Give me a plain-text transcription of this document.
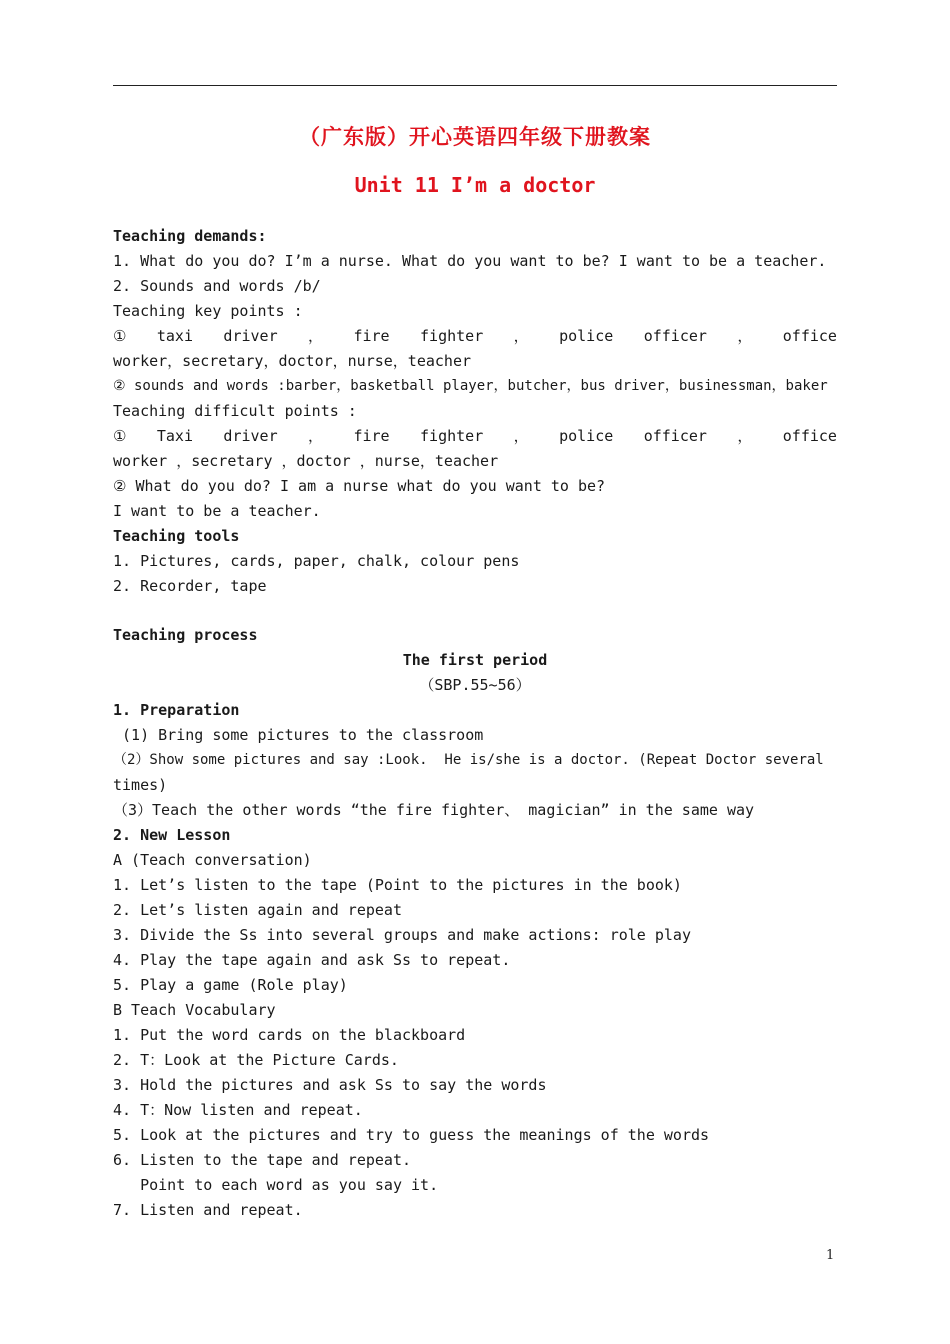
（广东版）开心英语四年级下册教案
Unit 11 I’m a doctor
Teaching demands:
1. What do you do? I’m a nurse. What do you want to be? I want to be a teacher.
2. Sounds and words /b/
Teaching key points :
① taxi driver ， fire fighter ， police officer ， office
worker，secretary，doctor，nurse，teacher
② sounds and words :barber，basketball player，butcher，bus driver，businessman，baker
Teaching difficult points :
① Taxi driver ， fire fighter ， police officer ， office
worker ，secretary ，doctor ，nurse，teacher
② What do you do? I am a nurse what do you want to be?
I want to be a teacher.
Teaching tools
1. Pictures, cards, paper, chalk, colour pens
2. Recorder, tape
Teaching process
The first period
（SBP.55~56）
1. Preparation
(1) Bring some pictures to the classroom
（2）Show some pictures and say :Look.  He is/she is a doctor. (Repeat Doctor several
times)
（3）Teach the other words “the fire fighter、 magician” in the same way
2. New Lesson
A (Teach conversation)
1. Let’s listen to the tape (Point to the pictures in the book)
2. Let’s listen again and repeat
3. Divide the Ss into several groups and make actions: role play
4. Play the tape again and ask Ss to repeat.
5. Play a game (Role play)
B Teach Vocabulary
1. Put the word cards on the blackboard
2. T：Look at the Picture Cards.
3. Hold the pictures and ask Ss to say the words
4. T：Now listen and repeat.
5. Look at the pictures and try to guess the meanings of the words
6. Listen to the tape and repeat.
Point to each word as you say it.
7. Listen and repeat.
1
